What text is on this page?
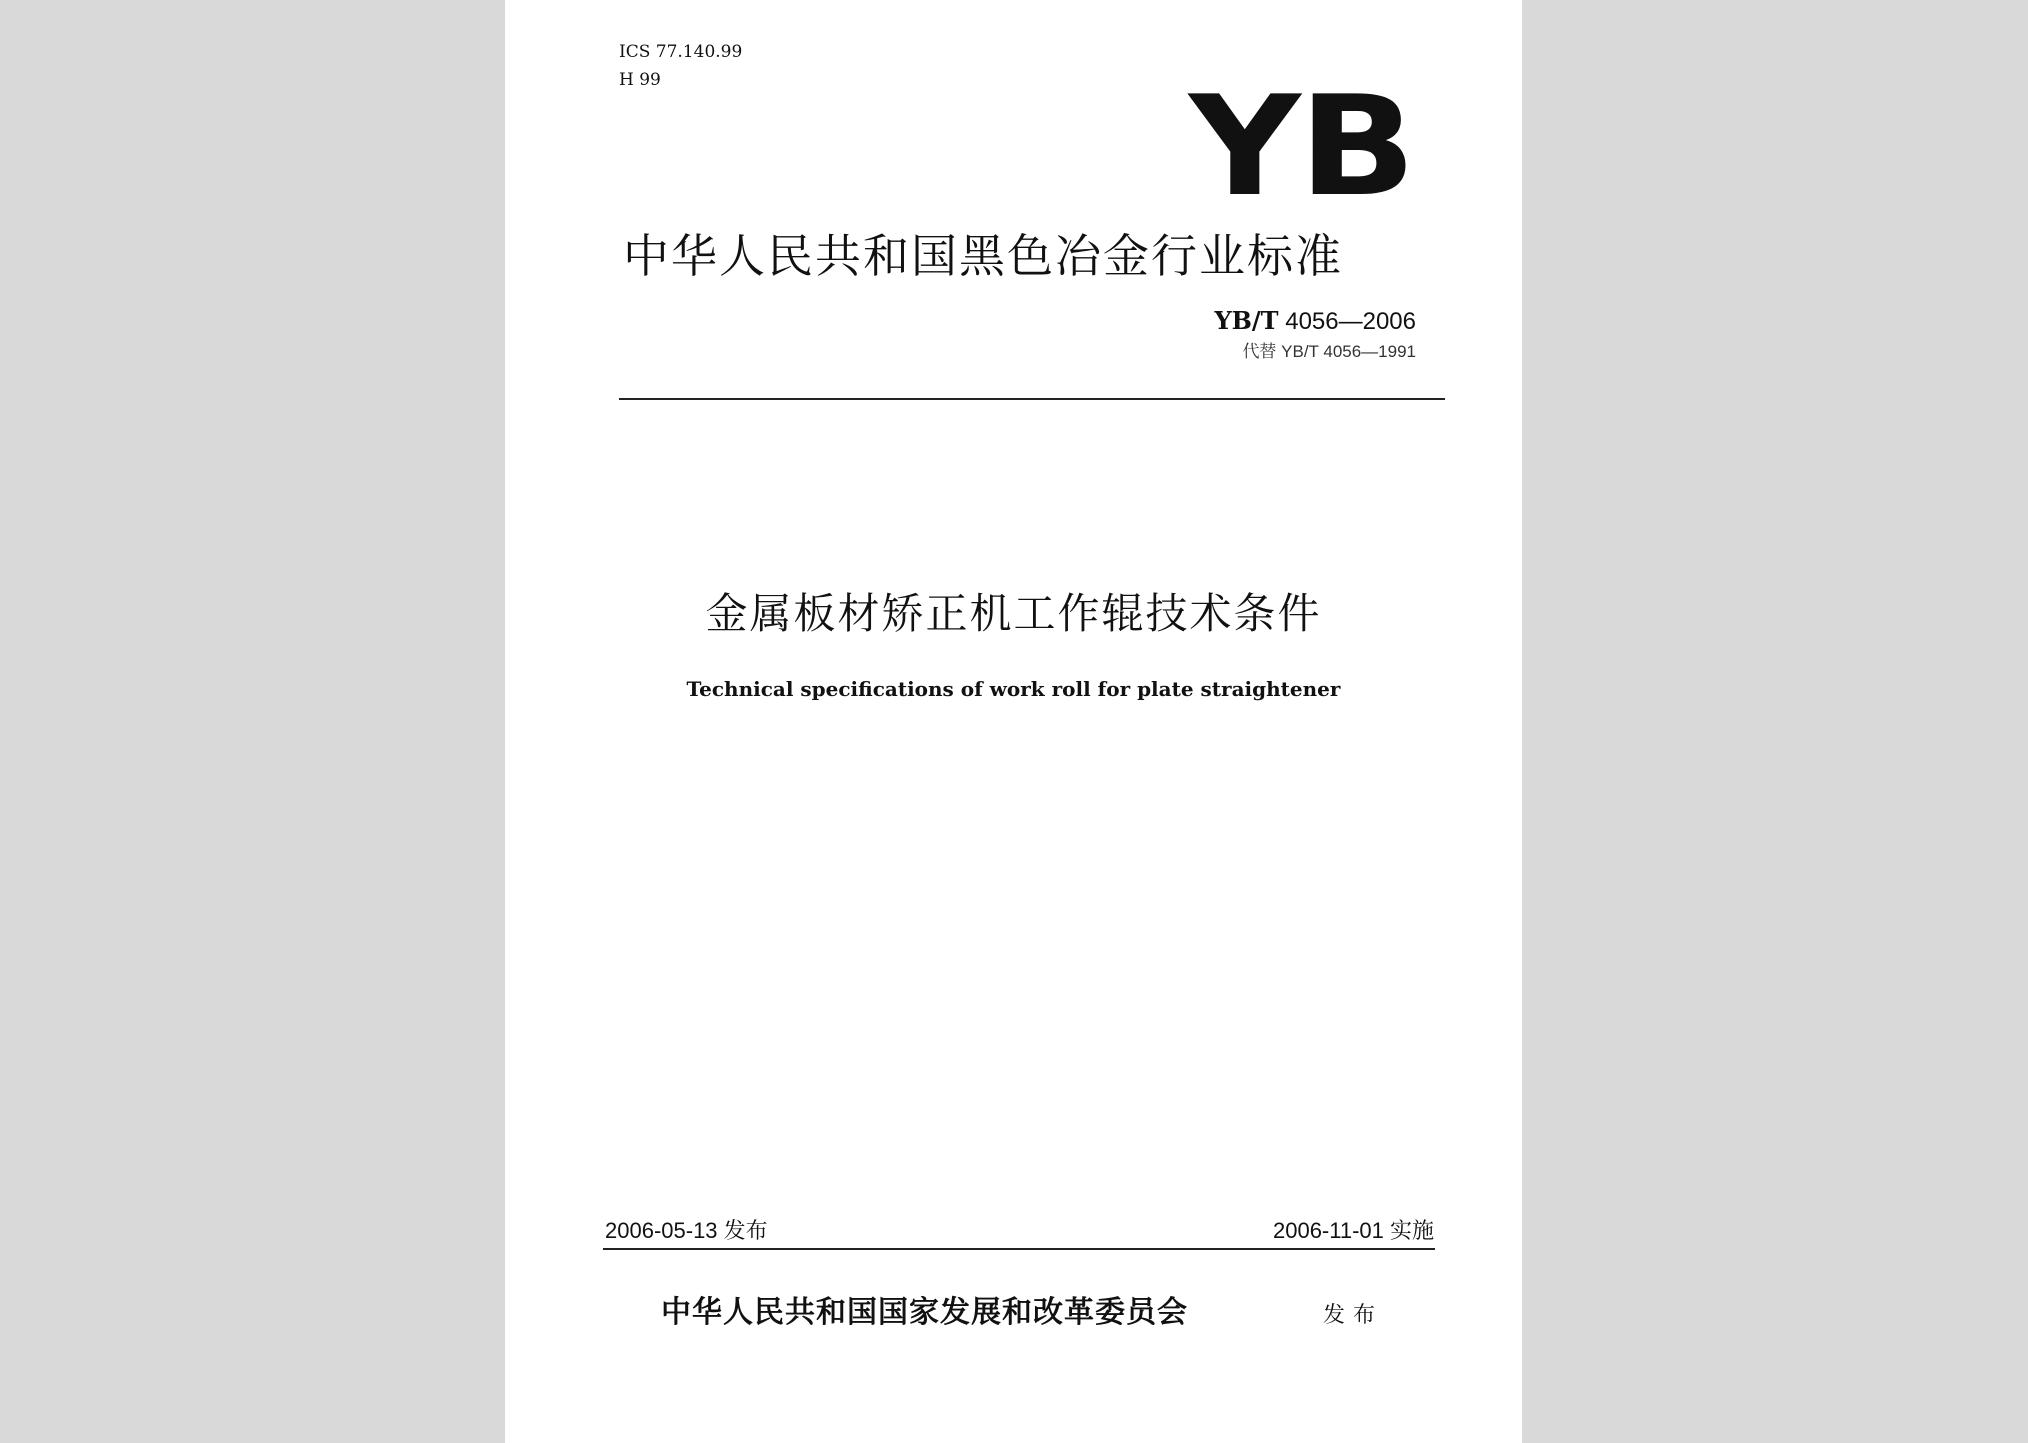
ICS 77.140.99
H 99	YB
中华人民共和国黑色冶金行业标准
YB/T 4056—2006
代替 YB/T 4056—1991
金属板材矫正机工作辊技术条件
Technical specifications of work roll for plate straightener
2006-05-13 发布	2006-11-01 实施
中华人民共和国国家发展和改革委员会	发布
